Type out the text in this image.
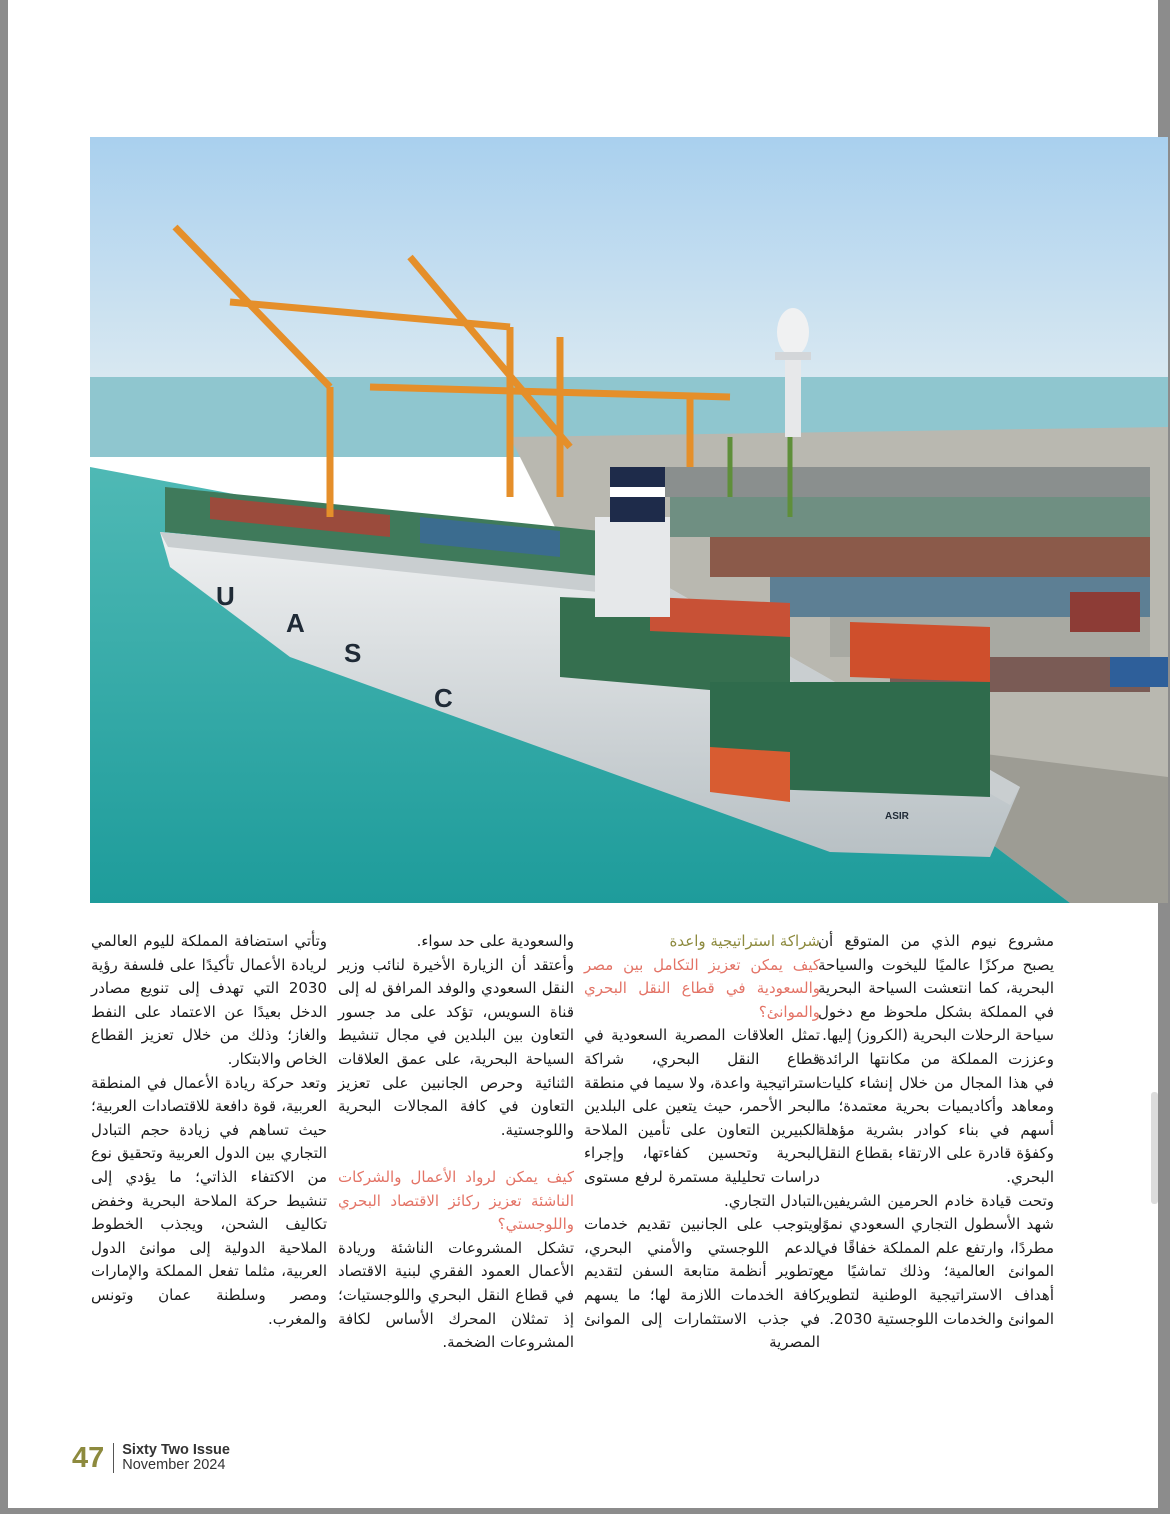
U
A
S
C
ASIR

مشروع نيوم الذي من المتوقع أن يصبح مركزًا عالميًا لليخوت والسياحة البحرية، كما انتعشت السياحة البحرية في المملكة بشكل ملحوظ مع دخول سياحة الرحلات البحرية (الكروز) إليها.

وعززت المملكة من مكانتها الرائدة في هذا المجال من خلال إنشاء كليات ومعاهد وأكاديميات بحرية معتمدة؛ ما أسهم في بناء كوادر بشرية مؤهلة وكفؤة قادرة على الارتقاء بقطاع النقل البحري.

وتحت قيادة خادم الحرمين الشريفين، شهد الأسطول التجاري السعودي نموًا مطردًا، وارتفع علم المملكة خفاقًا في الموانئ العالمية؛ وذلك تماشيًا مع أهداف الاستراتيجية الوطنية لتطوير الموانئ والخدمات اللوجستية 2030.

شراكة استراتيجية واعدة

كيف يمكن تعزيز التكامل بين مصر والسعودية في قطاع النقل البحري والموانئ؟

تمثل العلاقات المصرية السعودية في قطاع النقل البحري، شراكة استراتيجية واعدة، ولا سيما في منطقة البحر الأحمر، حيث يتعين على البلدين الكبيرين التعاون على تأمين الملاحة البحرية وتحسين كفاءتها، وإجراء دراسات تحليلية مستمرة لرفع مستوى التبادل التجاري.

ويتوجب على الجانبين تقديم خدمات الدعم اللوجستي والأمني البحري، وتطوير أنظمة متابعة السفن لتقديم كافة الخدمات اللازمة لها؛ ما يسهم في جذب الاستثمارات إلى الموانئ المصرية

والسعودية على حد سواء.

وأعتقد أن الزيارة الأخيرة لنائب وزير النقل السعودي والوفد المرافق له إلى قناة السويس، تؤكد على مد جسور التعاون بين البلدين في مجال تنشيط السياحة البحرية، على عمق العلاقات الثنائية وحرص الجانبين على تعزيز التعاون في كافة المجالات البحرية واللوجستية.

كيف يمكن لرواد الأعمال والشركات الناشئة تعزيز ركائز الاقتصاد البحري واللوجستي؟

تشكل المشروعات الناشئة وريادة الأعمال العمود الفقري لبنية الاقتصاد في قطاع النقل البحري واللوجستيات؛ إذ تمثلان المحرك الأساس لكافة المشروعات الضخمة.

وتأتي استضافة المملكة لليوم العالمي لريادة الأعمال تأكيدًا على فلسفة رؤية 2030 التي تهدف إلى تنويع مصادر الدخل بعيدًا عن الاعتماد على النفط والغاز؛ وذلك من خلال تعزيز القطاع الخاص والابتكار.

وتعد حركة ريادة الأعمال في المنطقة العربية، قوة دافعة للاقتصادات العربية؛ حيث تساهم في زيادة حجم التبادل التجاري بين الدول العربية وتحقيق نوع من الاكتفاء الذاتي؛ ما يؤدي إلى تنشيط حركة الملاحة البحرية وخفض تكاليف الشحن، ويجذب الخطوط الملاحية الدولية إلى موانئ الدول العربية، مثلما تفعل المملكة والإمارات ومصر وسلطنة عمان وتونس والمغرب.

47 Sixty Two Issue
November 2024
